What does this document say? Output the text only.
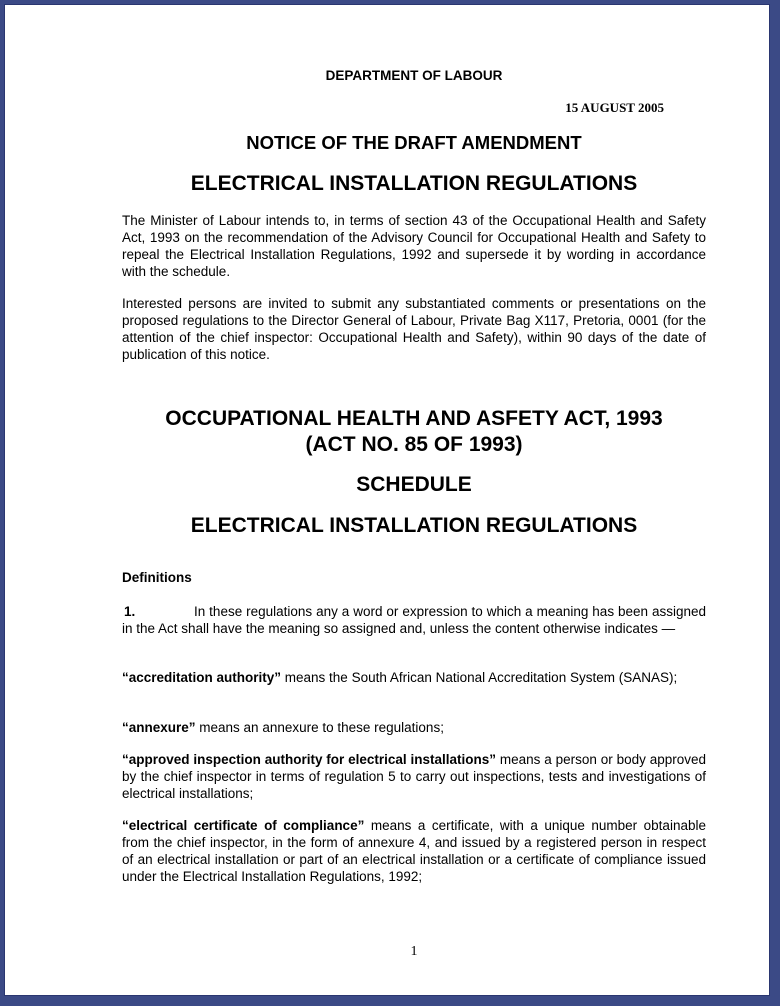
DEPARTMENT OF LABOUR
15 AUGUST 2005
NOTICE OF THE DRAFT AMENDMENT
ELECTRICAL INSTALLATION REGULATIONS

The Minister of Labour intends to, in terms of section 43 of the Occupational Health and Safety Act, 1993 on the recommendation of the Advisory Council for Occupational Health and Safety to repeal the Electrical Installation Regulations, 1992 and supersede it by wording in accordance with the schedule.

Interested persons are invited to submit any substantiated comments or presentations on the proposed regulations to the Director General of Labour, Private Bag X117, Pretoria, 0001 (for the attention of the chief inspector: Occupational Health and Safety), within 90 days of the date of publication of this notice.

OCCUPATIONAL HEALTH AND ASFETY ACT, 1993
(ACT NO. 85 OF 1993)
SCHEDULE
ELECTRICAL INSTALLATION REGULATIONS
Definitions

1.	In these regulations any a word or expression to which a meaning has been assigned in the Act shall have the meaning so assigned and, unless the content otherwise indicates —

“accreditation authority” means the South African National Accreditation System (SANAS);

“annexure” means an annexure to these regulations;

“approved inspection authority for electrical installations” means a person or body approved by the chief inspector in terms of regulation 5 to carry out inspections, tests and investigations of electrical installations;

“electrical certificate of compliance” means a certificate, with a unique number obtainable from the chief inspector, in the form of annexure 4, and issued by a registered person in respect of an electrical installation or part of an electrical installation or a certificate of compliance issued under the Electrical Installation Regulations, 1992;

1
